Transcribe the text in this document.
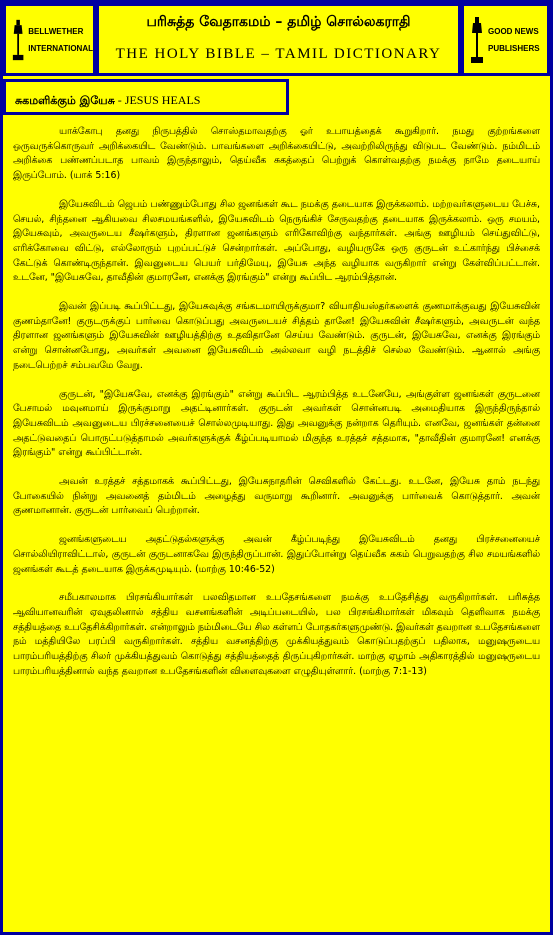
BELLWETHER
INTERNATIONAL
பரிசுத்த வேதாகமம் – தமிழ் சொல்லகராதி
THE HOLY BIBLE – TAMIL DICTIONARY
GOOD NEWS
PUBLISHERS
சுகமளிக்கும் இயேசு - JESUS HEALS

யாக்கோபு தனது நிருபத்தில் சொஸ்தமாவதற்கு ஓர் உபாயத்தைக் கூறுகிறார். நமது குற்றங்களை ஒருவருக்கொருவர் அறிக்கையிட வேண்டும். பாவங்களை அறிக்கையிட்டு, அவற்றிலிருந்து விடுபட வேண்டும். நம்மிடம் அறிக்கை பண்ணப்படாத பாவம் இருந்தாலும், தெய்வீக சுகத்தைப் பெற்றுக் கொள்வதற்கு நமக்கு நாமே தடையாய் இருப்போம். (யாக் 5:16)

இயேசுவிடம் ஜெபம் பண்ணும்போது சில ஜனங்கள் கூட நமக்கு தடையாக இருக்கலாம். மற்றவர்களுடைய பேச்சு, செயல், சிந்தனை ஆகியவை சிலசமயங்களில், இயேசுவிடம் நெருங்கிச் சேருவதற்கு தடையாக இருக்கலாம். ஒரு சமயம், இயேசுவும், அவருடைய சீஷர்களும், திரளான ஜனங்களும் எரிகோவிற்கு வந்தார்கள். அங்கு ஊழியம் செய்துவிட்டு, எரிக்கோவை விட்டு, எல்லோரும் புறப்பட்டுச் சென்றார்கள். அப்போது, வழியருகே ஒரு குருடன் உட்கார்ந்து பிச்சைக் கேட்டுக் கொண்டிருந்தான். இவனுடைய பெயர் பர்திமேயு, இயேசு அந்த வழியாக வருகிறார் என்று கேள்விப்பட்டான். உடனே, "இயேசுவே, தாவீதின் குமாரனே, எனக்கு இரங்கும்" என்று கூப்பிட ஆரம்பித்தான்.

இவன் இப்படி கூப்பிட்டது, இயேசுவுக்கு சங்கடமாயிருக்குமா? வியாதியஸ்தர்களைக் குணமாக்குவது இயேசுவின் குணம்தானே! குருடருக்குப் பார்வை கொடுப்பது அவருடையச் சித்தம் தானே! இயேசுவின் சீஷர்களும், அவருடன் வந்த திரளான ஜனங்களும் இயேசுவின் ஊழியத்திற்கு உதவிதானே செய்ய வேண்டும். குருடன், இயேசுவே, எனக்கு இரங்கும் என்று சொன்னபோது, அவர்கள் அவனை இயேசுவிடம் அல்லவா வழி நடத்திச் செல்ல வேண்டும். ஆனால் அங்கு நடைபெற்றச் சம்பவமே வேறு.

குருடன், "இயேசுவே, எனக்கு இரங்கும்" என்று கூப்பிட ஆரம்பித்த உடனேயே, அங்குள்ள ஜனங்கள் குருடனை பேசாமல் மவுனமாய் இருக்குமாறு அதட்டினார்கள். குருடன் அவர்கள் சொன்னபடி அமைதியாக இருந்திருந்தால் இயேசுவிடம் அவனுடைய பிரச்சனையைச் சொல்லமுடியாது. இது அவனுக்கு நன்றாக தெரியும். எனவே, ஜனங்கள் தன்னை அதட்டுவதைப் பொருட்படுத்தாமல் அவர்களுக்குக் கீழ்ப்படியாமல் மிகுந்த உரத்தச் சத்தமாக, "தாவீதின் குமாரனே! எனக்கு இரங்கும்" என்று கூப்பிட்டான்.

அவன் உரத்தச் சத்தமாகக் கூப்பிட்டது, இயேசுநாதரின் செவிகளில் கேட்டது. உடனே, இயேசு தாம் நடந்து போகையில் நின்று அவனைத் தம்மிடம் அழைத்து வருமாறு கூறினார். அவனுக்கு பார்வைக் கொடுத்தார். அவன் குணமானான். குருடன் பார்வைப் பெற்றான்.

ஜனங்களுடைய அதட்டுதல்களுக்கு அவன் கீழ்ப்படிந்து இயேசுவிடம் தனது பிரச்சனையைச் சொல்லியிராவிட்டால், குருடன் குருடனாகவே இருந்திருப்பான். இதுப்போன்று தெய்வீக சுகம் பெறுவதற்கு சில சமயங்களில் ஜனங்கள் கூடத் தடையாக இருக்கமுடியும். (மாற்கு 10:46-52)

சமீபகாலமாக பிரசங்கியார்கள் பலவிதமான உபதேசங்களை நமக்கு உபதேசித்து வருகிறார்கள். பரிசுத்த ஆவியானவரின் ஏவுதலினால் சத்திய வசனங்களின் அடிப்படையில், பல பிரசங்கிமார்கள் மிகவும் தெளிவாக நமக்கு சத்தியத்தை உபதேசிக்கிறார்கள். என்றாலும் நம்மிடையே சில கள்ளப் போதகர்களுமுண்டு. இவர்கள் தவறான உபதேசங்களை நம் மத்தியிலே பரப்பி வருகிறார்கள். சத்திய வசனத்திற்கு முக்கியத்துவம் கொடுப்பதற்குப் பதிலாக, மனுஷருடைய பாரம்பரியத்திற்கு சிலர் முக்கியத்துவம் கொடுத்து சத்தியத்தைத் திருப்புகிறார்கள். மாற்கு ஏழாம் அதிகாரத்தில் மனுஷருடைய பாரம்பரியத்தினால் வந்த தவறான உபதேசங்களின் விளைவுகளை எழுதியுள்ளார். (மாற்கு 7:1-13)
